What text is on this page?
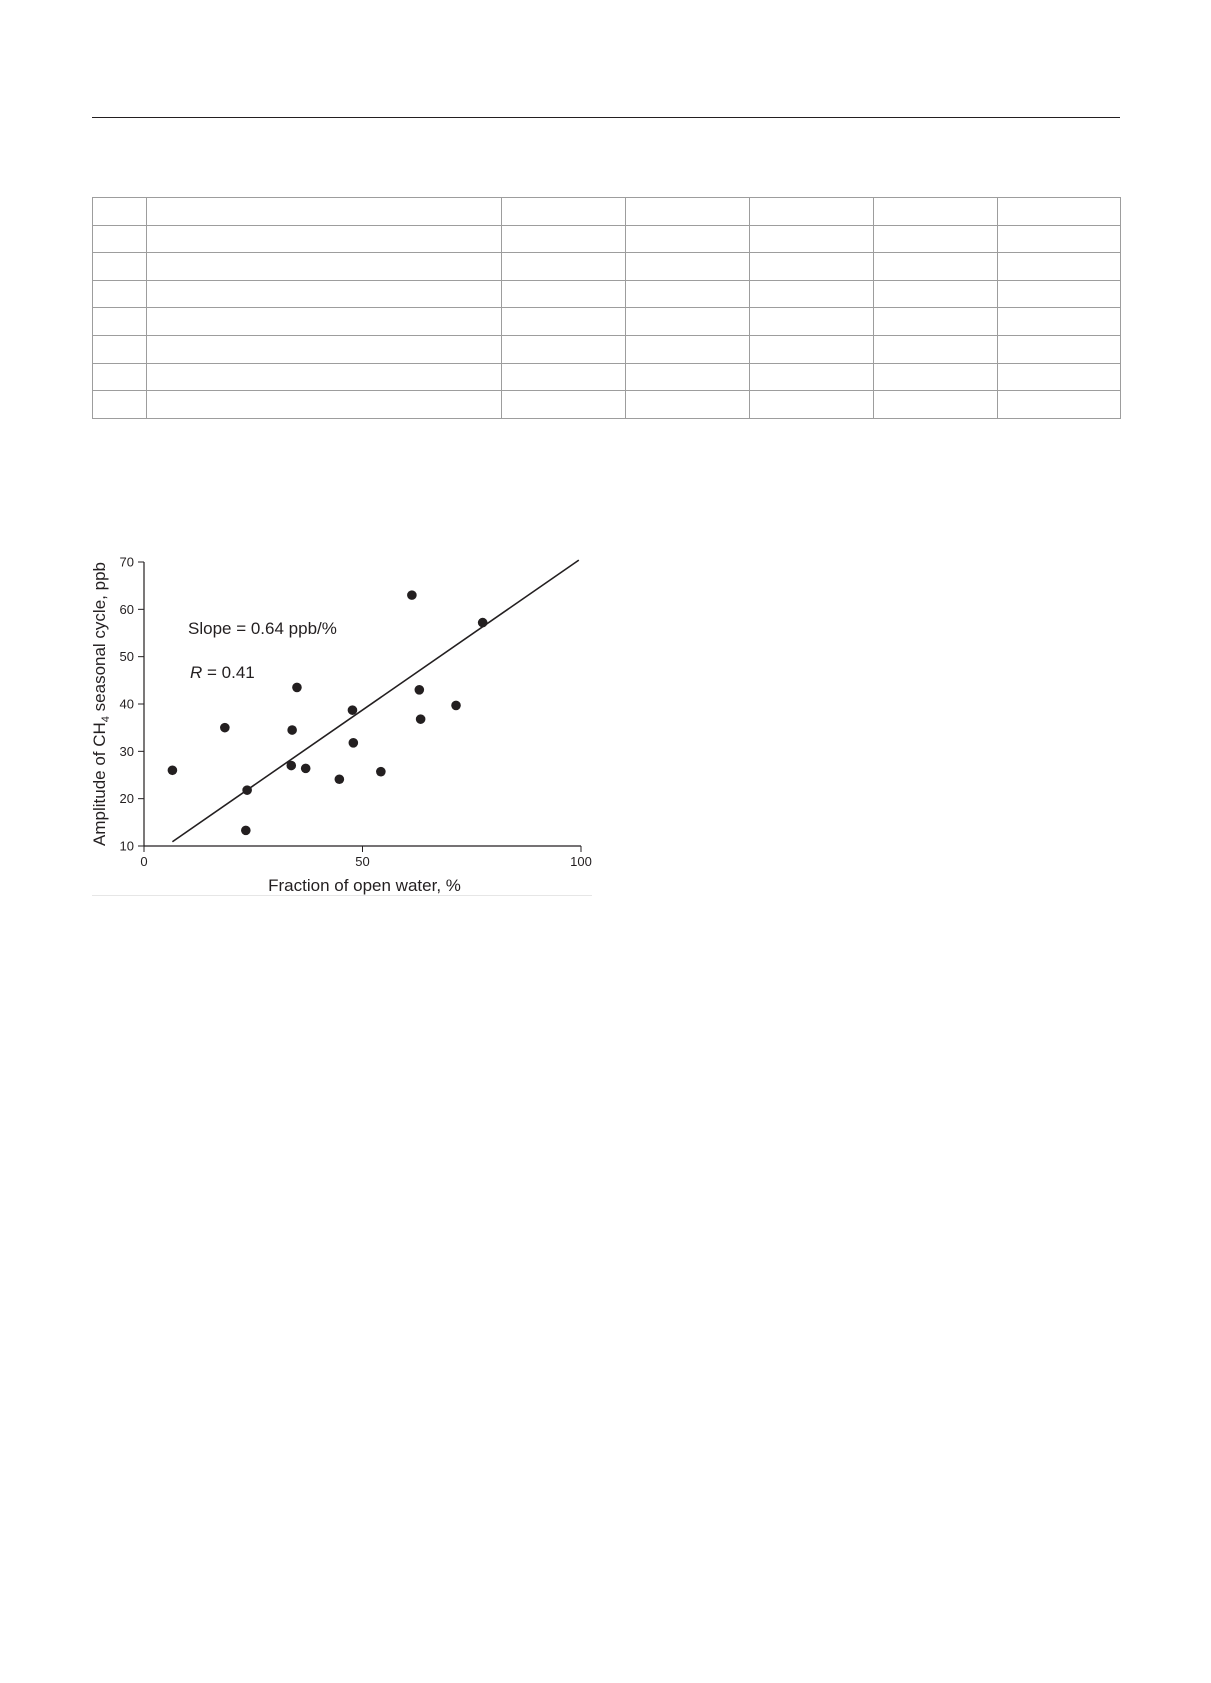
10
20
30
40
50
60
70
0	50	100
Fraction of open water, %
Amplitude of $CH_4$ seasonal cycle, ppb	Slope = 0.64 ppb/%
R = 0.41
